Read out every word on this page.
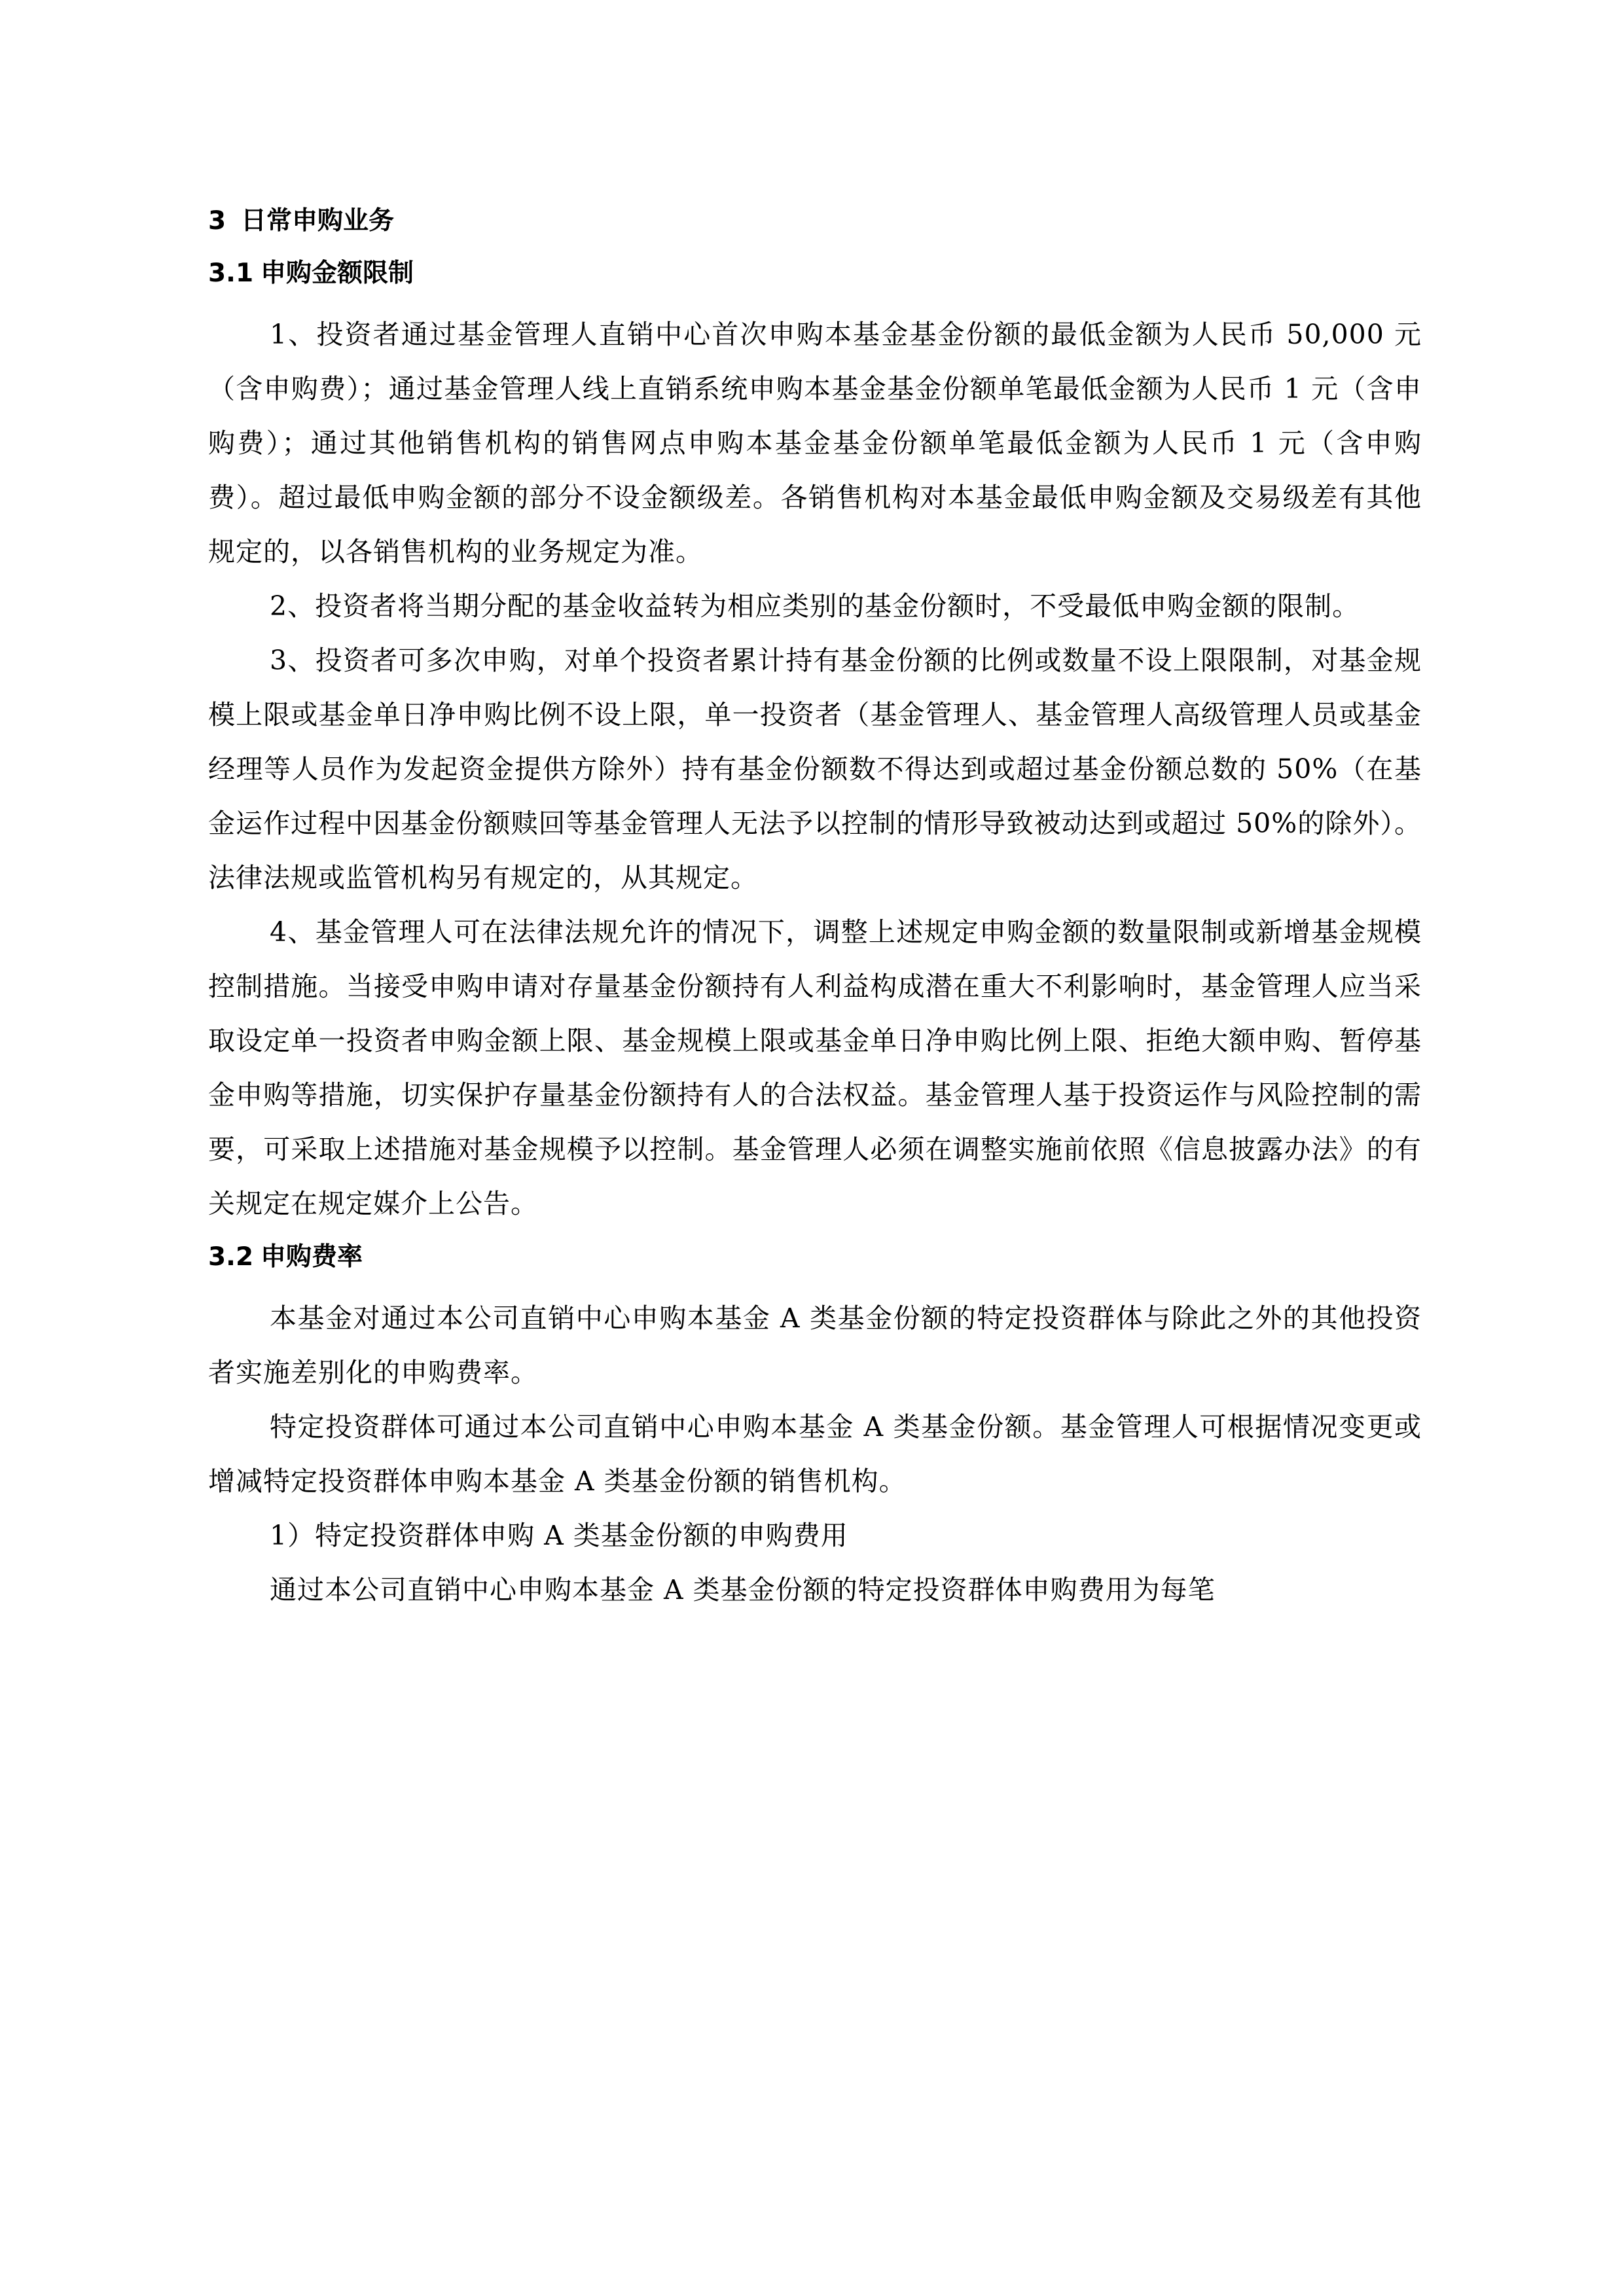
3 日常申购业务
3.1 申购金额限制

1、投资者通过基金管理人直销中心首次申购本基金基金份额的最低金额为人民币 50,000 元（含申购费）；通过基金管理人线上直销系统申购本基金基金份额单笔最低金额为人民币 1 元（含申购费）；通过其他销售机构的销售网点申购本基金基金份额单笔最低金额为人民币 1 元（含申购费）。超过最低申购金额的部分不设金额级差。各销售机构对本基金最低申购金额及交易级差有其他规定的，以各销售机构的业务规定为准。

2、投资者将当期分配的基金收益转为相应类别的基金份额时，不受最低申购金额的限制。

3、投资者可多次申购，对单个投资者累计持有基金份额的比例或数量不设上限限制，对基金规模上限或基金单日净申购比例不设上限，单一投资者（基金管理人、基金管理人高级管理人员或基金经理等人员作为发起资金提供方除外）持有基金份额数不得达到或超过基金份额总数的 50%（在基金运作过程中因基金份额赎回等基金管理人无法予以控制的情形导致被动达到或超过 50%的除外）。法律法规或监管机构另有规定的，从其规定。

4、基金管理人可在法律法规允许的情况下，调整上述规定申购金额的数量限制或新增基金规模控制措施。当接受申购申请对存量基金份额持有人利益构成潜在重大不利影响时，基金管理人应当采取设定单一投资者申购金额上限、基金规模上限或基金单日净申购比例上限、拒绝大额申购、暂停基金申购等措施，切实保护存量基金份额持有人的合法权益。基金管理人基于投资运作与风险控制的需要，可采取上述措施对基金规模予以控制。基金管理人必须在调整实施前依照《信息披露办法》的有关规定在规定媒介上公告。

3.2 申购费率

本基金对通过本公司直销中心申购本基金 A 类基金份额的特定投资群体与除此之外的其他投资者实施差别化的申购费率。

特定投资群体可通过本公司直销中心申购本基金 A 类基金份额。基金管理人可根据情况变更或增减特定投资群体申购本基金 A 类基金份额的销售机构。

1）特定投资群体申购 A 类基金份额的申购费用

通过本公司直销中心申购本基金 A 类基金份额的特定投资群体申购费用为每笔
